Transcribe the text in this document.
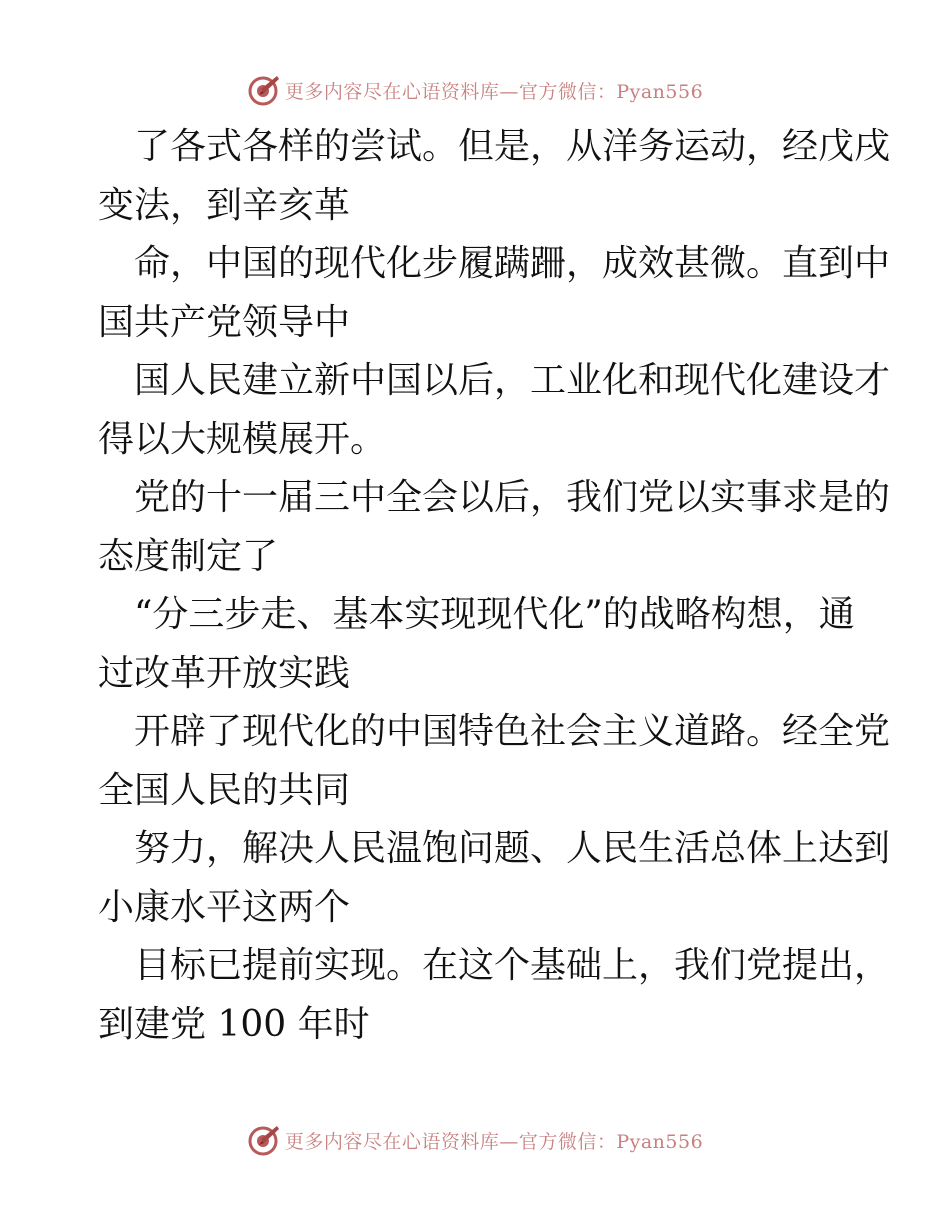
更多内容尽在心语资料库—官方微信：Pyan556

了各式各样的尝试。但是，从洋务运动，经戊戌

变法，到辛亥革

命，中国的现代化步履蹒跚，成效甚微。直到中

国共产党领导中

国人民建立新中国以后，工业化和现代化建设才

得以大规模展开。

党的十一届三中全会以后，我们党以实事求是的

态度制定了

“分三步走、基本实现现代化”的战略构想，通

过改革开放实践

开辟了现代化的中国特色社会主义道路。经全党

全国人民的共同

努力，解决人民温饱问题、人民生活总体上达到

小康水平这两个

目标已提前实现。在这个基础上，我们党提出，

到建党 100 年时

更多内容尽在心语资料库—官方微信：Pyan556
